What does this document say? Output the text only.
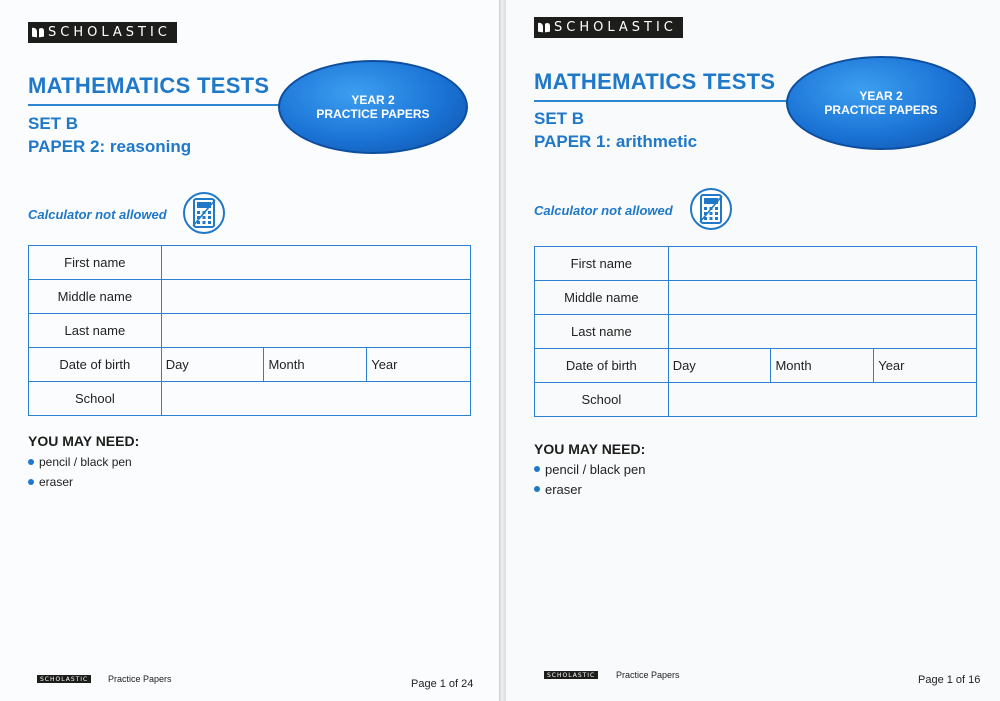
SCHOLASTIC
MATHEMATICS TESTS
YEAR 2
PRACTICE PAPERS
SET B
PAPER 2: reasoning
Calculator not allowed
First name			
Middle name			
Last name			
Date of birth	Day	Month	Year
School			
YOU MAY NEED:
pencil / black pen
eraser
SCHOLASTIC	Practice Papers	Page 1 of 24
SCHOLASTIC
MATHEMATICS TESTS
YEAR 2
PRACTICE PAPERS
SET B
PAPER 1: arithmetic
Calculator not allowed
First name			
Middle name			
Last name			
Date of birth	Day	Month	Year
School			
YOU MAY NEED:
pencil / black pen
eraser
SCHOLASTIC	Practice Papers	Page 1 of 16
